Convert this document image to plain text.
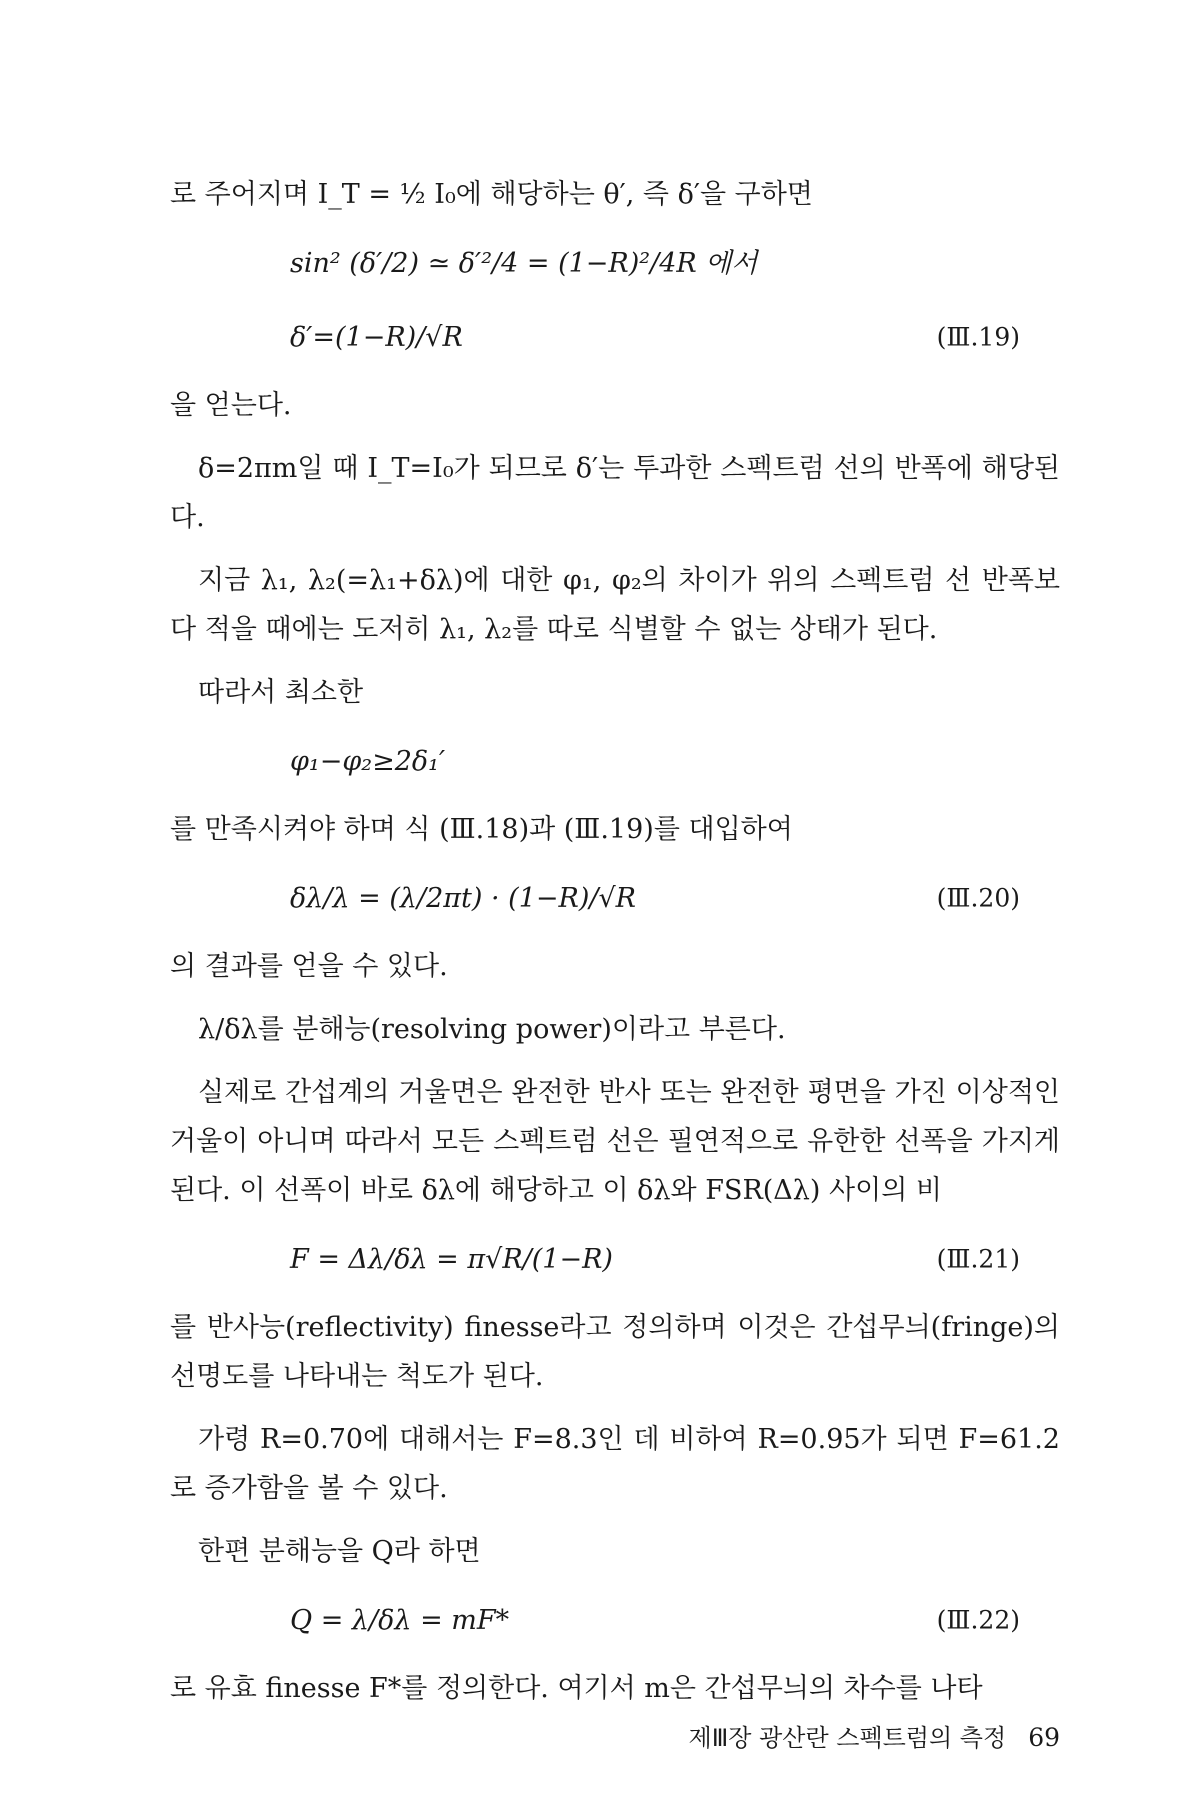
로 주어지며 I_T = ½ I₀에 해당하는 θ′, 즉 δ′을 구하면

sin² (δ′/2) ≃ δ′²/4 = (1−R)²/4R 에서
δ′=(1−R)/√R	(Ⅲ.19)

을 얻는다.

δ=2πm일 때 I_T=I₀가 되므로 δ′는 투과한 스펙트럼 선의 반폭에 해당된다.

지금 λ₁, λ₂(=λ₁+δλ)에 대한 φ₁, φ₂의 차이가 위의 스펙트럼 선 반폭보다 적을 때에는 도저히 λ₁, λ₂를 따로 식별할 수 없는 상태가 된다.

따라서 최소한

φ₁−φ₂≥2δ₁′

를 만족시켜야 하며 식 (Ⅲ.18)과 (Ⅲ.19)를 대입하여

δλ/λ = (λ/2πt) · (1−R)/√R	(Ⅲ.20)

의 결과를 얻을 수 있다.

λ/δλ를 분해능(resolving power)이라고 부른다.

실제로 간섭계의 거울면은 완전한 반사 또는 완전한 평면을 가진 이상적인 거울이 아니며 따라서 모든 스펙트럼 선은 필연적으로 유한한 선폭을 가지게 된다. 이 선폭이 바로 δλ에 해당하고 이 δλ와 FSR(Δλ) 사이의 비

F = Δλ/δλ = π√R/(1−R)	(Ⅲ.21)

를 반사능(reflectivity) finesse라고 정의하며 이것은 간섭무늬(fringe)의 선명도를 나타내는 척도가 된다.

가령 R=0.70에 대해서는 F=8.3인 데 비하여 R=0.95가 되면 F=61.2로 증가함을 볼 수 있다.

한편 분해능을 Q라 하면

Q = λ/δλ = mF*	(Ⅲ.22)

로 유효 finesse F*를 정의한다. 여기서 m은 간섭무늬의 차수를 나타

제Ⅲ장 광산란 스펙트럼의 측정 69
